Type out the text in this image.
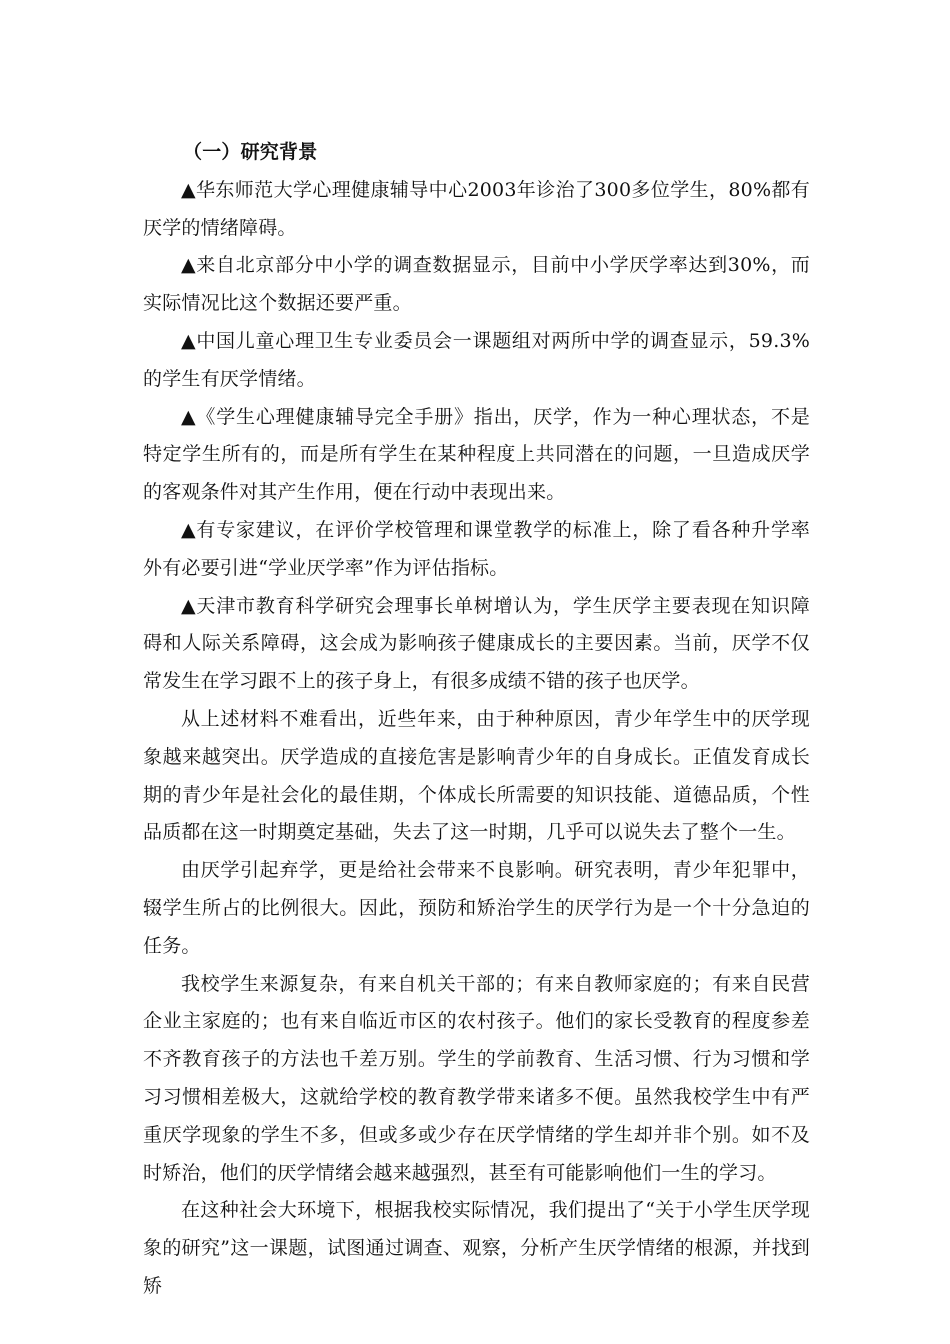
（一）研究背景

▲华东师范大学心理健康辅导中心2003年诊治了300多位学生，80%都有厌学的情绪障碍。

▲来自北京部分中小学的调查数据显示，目前中小学厌学率达到30%，而实际情况比这个数据还要严重。

▲中国儿童心理卫生专业委员会一课题组对两所中学的调查显示，59.3%的学生有厌学情绪。

▲《学生心理健康辅导完全手册》指出，厌学，作为一种心理状态，不是特定学生所有的，而是所有学生在某种程度上共同潜在的问题，一旦造成厌学的客观条件对其产生作用，便在行动中表现出来。

▲有专家建议，在评价学校管理和课堂教学的标准上，除了看各种升学率外有必要引进“学业厌学率”作为评估指标。

▲天津市教育科学研究会理事长单树增认为，学生厌学主要表现在知识障碍和人际关系障碍，这会成为影响孩子健康成长的主要因素。当前，厌学不仅常发生在学习跟不上的孩子身上，有很多成绩不错的孩子也厌学。

从上述材料不难看出，近些年来，由于种种原因，青少年学生中的厌学现象越来越突出。厌学造成的直接危害是影响青少年的自身成长。正值发育成长期的青少年是社会化的最佳期，个体成长所需要的知识技能、道德品质，个性品质都在这一时期奠定基础，失去了这一时期，几乎可以说失去了整个一生。

由厌学引起弃学，更是给社会带来不良影响。研究表明，青少年犯罪中，辍学生所占的比例很大。因此，预防和矫治学生的厌学行为是一个十分急迫的任务。

我校学生来源复杂，有来自机关干部的；有来自教师家庭的；有来自民营企业主家庭的；也有来自临近市区的农村孩子。他们的家长受教育的程度参差不齐教育孩子的方法也千差万别。学生的学前教育、生活习惯、行为习惯和学习习惯相差极大，这就给学校的教育教学带来诸多不便。虽然我校学生中有严重厌学现象的学生不多，但或多或少存在厌学情绪的学生却并非个别。如不及时矫治，他们的厌学情绪会越来越强烈，甚至有可能影响他们一生的学习。

在这种社会大环境下，根据我校实际情况，我们提出了“关于小学生厌学现象的研究”这一课题，试图通过调查、观察，分析产生厌学情绪的根源，并找到矫
